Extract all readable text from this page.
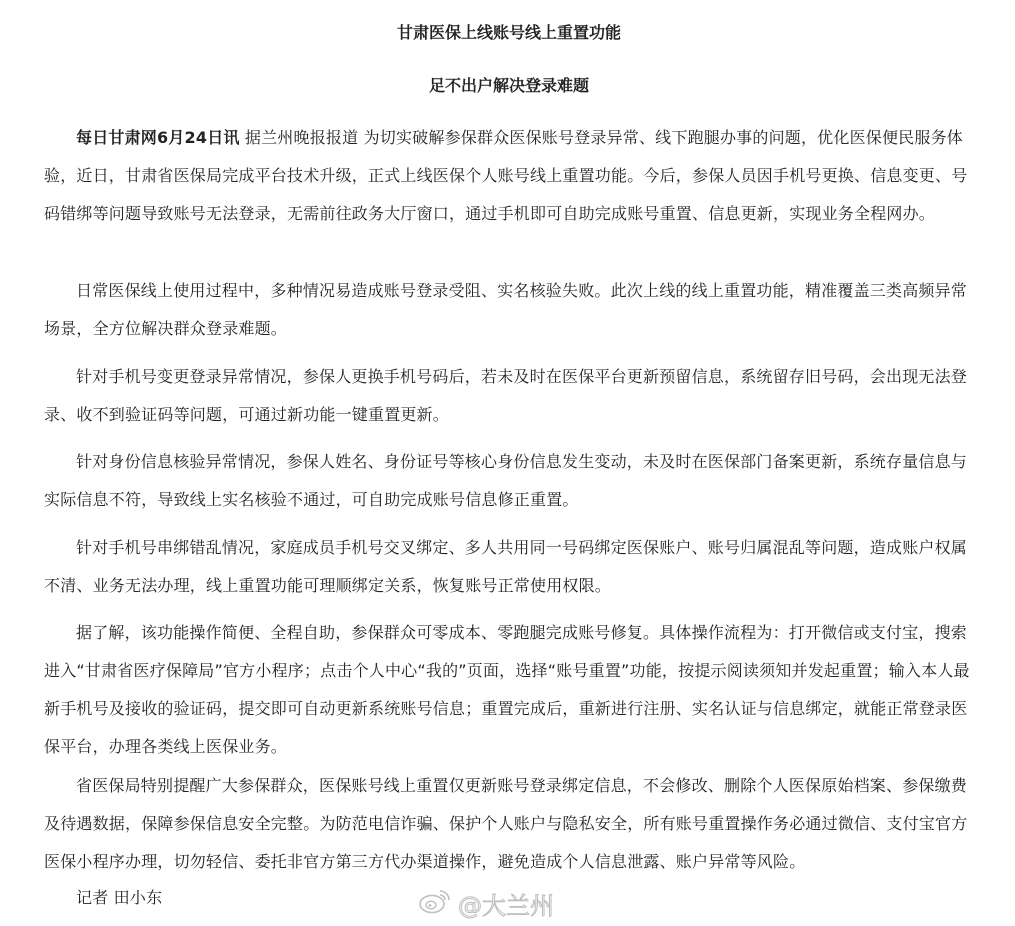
甘肃医保上线账号线上重置功能
足不出户解决登录难题

每日甘肃网6月24日讯 据兰州晚报报道 为切实破解参保群众医保账号登录异常、线下跑腿办事的问题，优化医保便民服务体验，近日，甘肃省医保局完成平台技术升级，正式上线医保个人账号线上重置功能。今后，参保人员因手机号更换、信息变更、号码错绑等问题导致账号无法登录，无需前往政务大厅窗口，通过手机即可自助完成账号重置、信息更新，实现业务全程网办。

日常医保线上使用过程中，多种情况易造成账号登录受阻、实名核验失败。此次上线的线上重置功能，精准覆盖三类高频异常场景，全方位解决群众登录难题。

针对手机号变更登录异常情况，参保人更换手机号码后，若未及时在医保平台更新预留信息，系统留存旧号码，会出现无法登录、收不到验证码等问题，可通过新功能一键重置更新。

针对身份信息核验异常情况，参保人姓名、身份证号等核心身份信息发生变动，未及时在医保部门备案更新，系统存量信息与实际信息不符，导致线上实名核验不通过，可自助完成账号信息修正重置。

针对手机号串绑错乱情况，家庭成员手机号交叉绑定、多人共用同一号码绑定医保账户、账号归属混乱等问题，造成账户权属不清、业务无法办理，线上重置功能可理顺绑定关系，恢复账号正常使用权限。

据了解，该功能操作简便、全程自助，参保群众可零成本、零跑腿完成账号修复。具体操作流程为：打开微信或支付宝，搜索进入“甘肃省医疗保障局”官方小程序；点击个人中心“我的”页面，选择“账号重置”功能，按提示阅读须知并发起重置；输入本人最新手机号及接收的验证码，提交即可自动更新系统账号信息；重置完成后，重新进行注册、实名认证与信息绑定，就能正常登录医保平台，办理各类线上医保业务。

省医保局特别提醒广大参保群众，医保账号线上重置仅更新账号登录绑定信息，不会修改、删除个人医保原始档案、参保缴费及待遇数据，保障参保信息安全完整。为防范电信诈骗、保护个人账户与隐私安全，所有账号重置操作务必通过微信、支付宝官方医保小程序办理，切勿轻信、委托非官方第三方代办渠道操作，避免造成个人信息泄露、账户异常等风险。

记者 田小东	@大兰州
